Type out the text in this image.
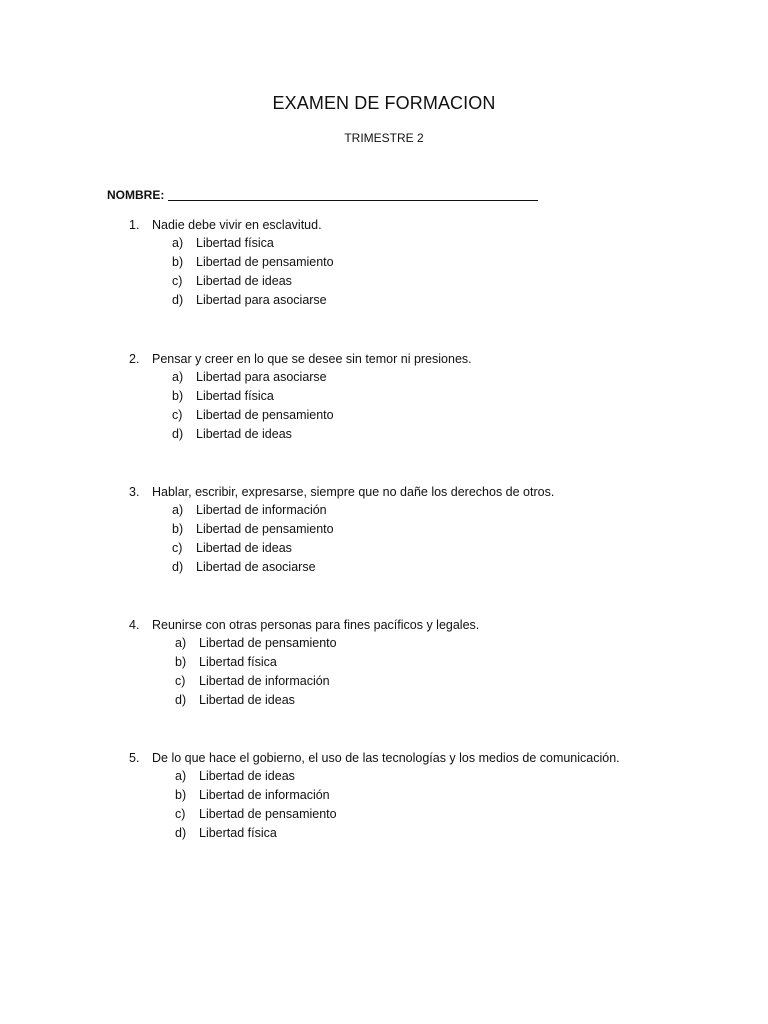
EXAMEN DE FORMACION
TRIMESTRE 2
NOMBRE:
1.	Nadie debe vivir en esclavitud.
a)	Libertad física
b)	Libertad de pensamiento
c)	Libertad de ideas
d)	Libertad para asociarse
2.	Pensar y creer en lo que se desee sin temor ni presiones.
a)	Libertad para asociarse
b)	Libertad física
c)	Libertad de pensamiento
d)	Libertad de ideas
3.	Hablar, escribir, expresarse, siempre que no dañe los derechos de otros.
a)	Libertad de información
b)	Libertad de pensamiento
c)	Libertad de ideas
d)	Libertad de asociarse
4.	Reunirse con otras personas para fines pacíficos y legales.
a)	Libertad de pensamiento
b)	Libertad física
c)	Libertad de información
d)	Libertad de ideas
5.	De lo que hace el gobierno, el uso de las tecnologías y los medios de comunicación.
a)	Libertad de ideas
b)	Libertad de información
c)	Libertad de pensamiento
d)	Libertad física
